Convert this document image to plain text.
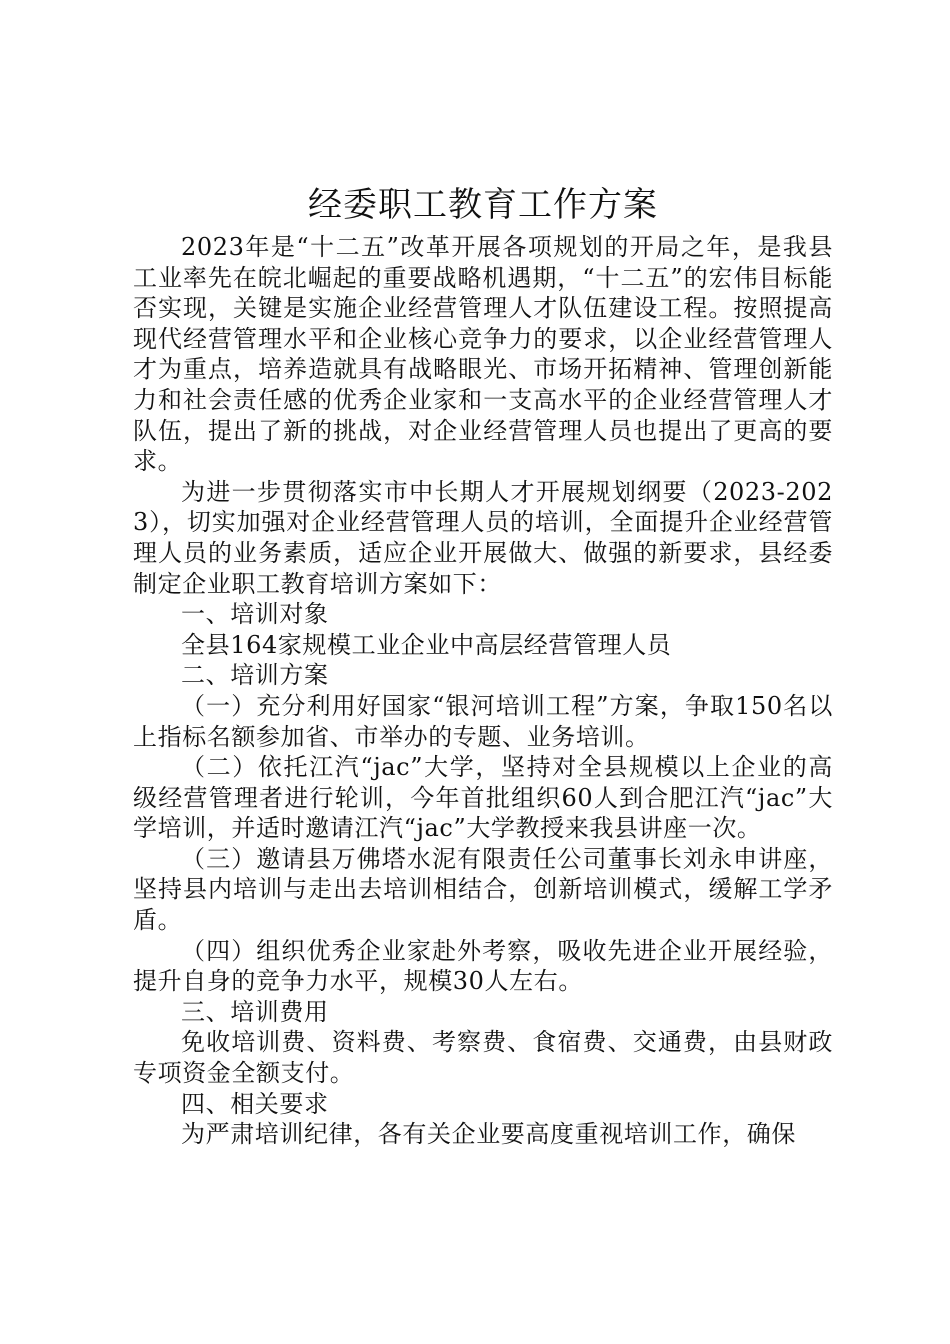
经委职工教育工作方案

2023年是“十二五”改革开展各项规划的开局之年，是我县工业率先在皖北崛起的重要战略机遇期，“十二五”的宏伟目标能否实现，关键是实施企业经营管理人才队伍建设工程。按照提高现代经营管理水平和企业核心竞争力的要求，以企业经营管理人才为重点，培养造就具有战略眼光、市场开拓精神、管理创新能力和社会责任感的优秀企业家和一支高水平的企业经营管理人才队伍，提出了新的挑战，对企业经营管理人员也提出了更高的要求。

为进一步贯彻落实市中长期人才开展规划纲要（2023-2023），切实加强对企业经营管理人员的培训，全面提升企业经营管理人员的业务素质，适应企业开展做大、做强的新要求，县经委制定企业职工教育培训方案如下：

一、培训对象

全县164家规模工业企业中高层经营管理人员

二、培训方案

（一）充分利用好国家“银河培训工程”方案，争取150名以上指标名额参加省、市举办的专题、业务培训。

（二）依托江汽“jac”大学，坚持对全县规模以上企业的高级经营管理者进行轮训，今年首批组织60人到合肥江汽“jac”大学培训，并适时邀请江汽“jac”大学教授来我县讲座一次。

（三）邀请县万佛塔水泥有限责任公司董事长刘永申讲座，坚持县内培训与走出去培训相结合，创新培训模式，缓解工学矛盾。

（四）组织优秀企业家赴外考察，吸收先进企业开展经验，提升自身的竞争力水平，规模30人左右。

三、培训费用

免收培训费、资料费、考察费、食宿费、交通费，由县财政专项资金全额支付。

四、相关要求

为严肃培训纪律，各有关企业要高度重视培训工作，确保
